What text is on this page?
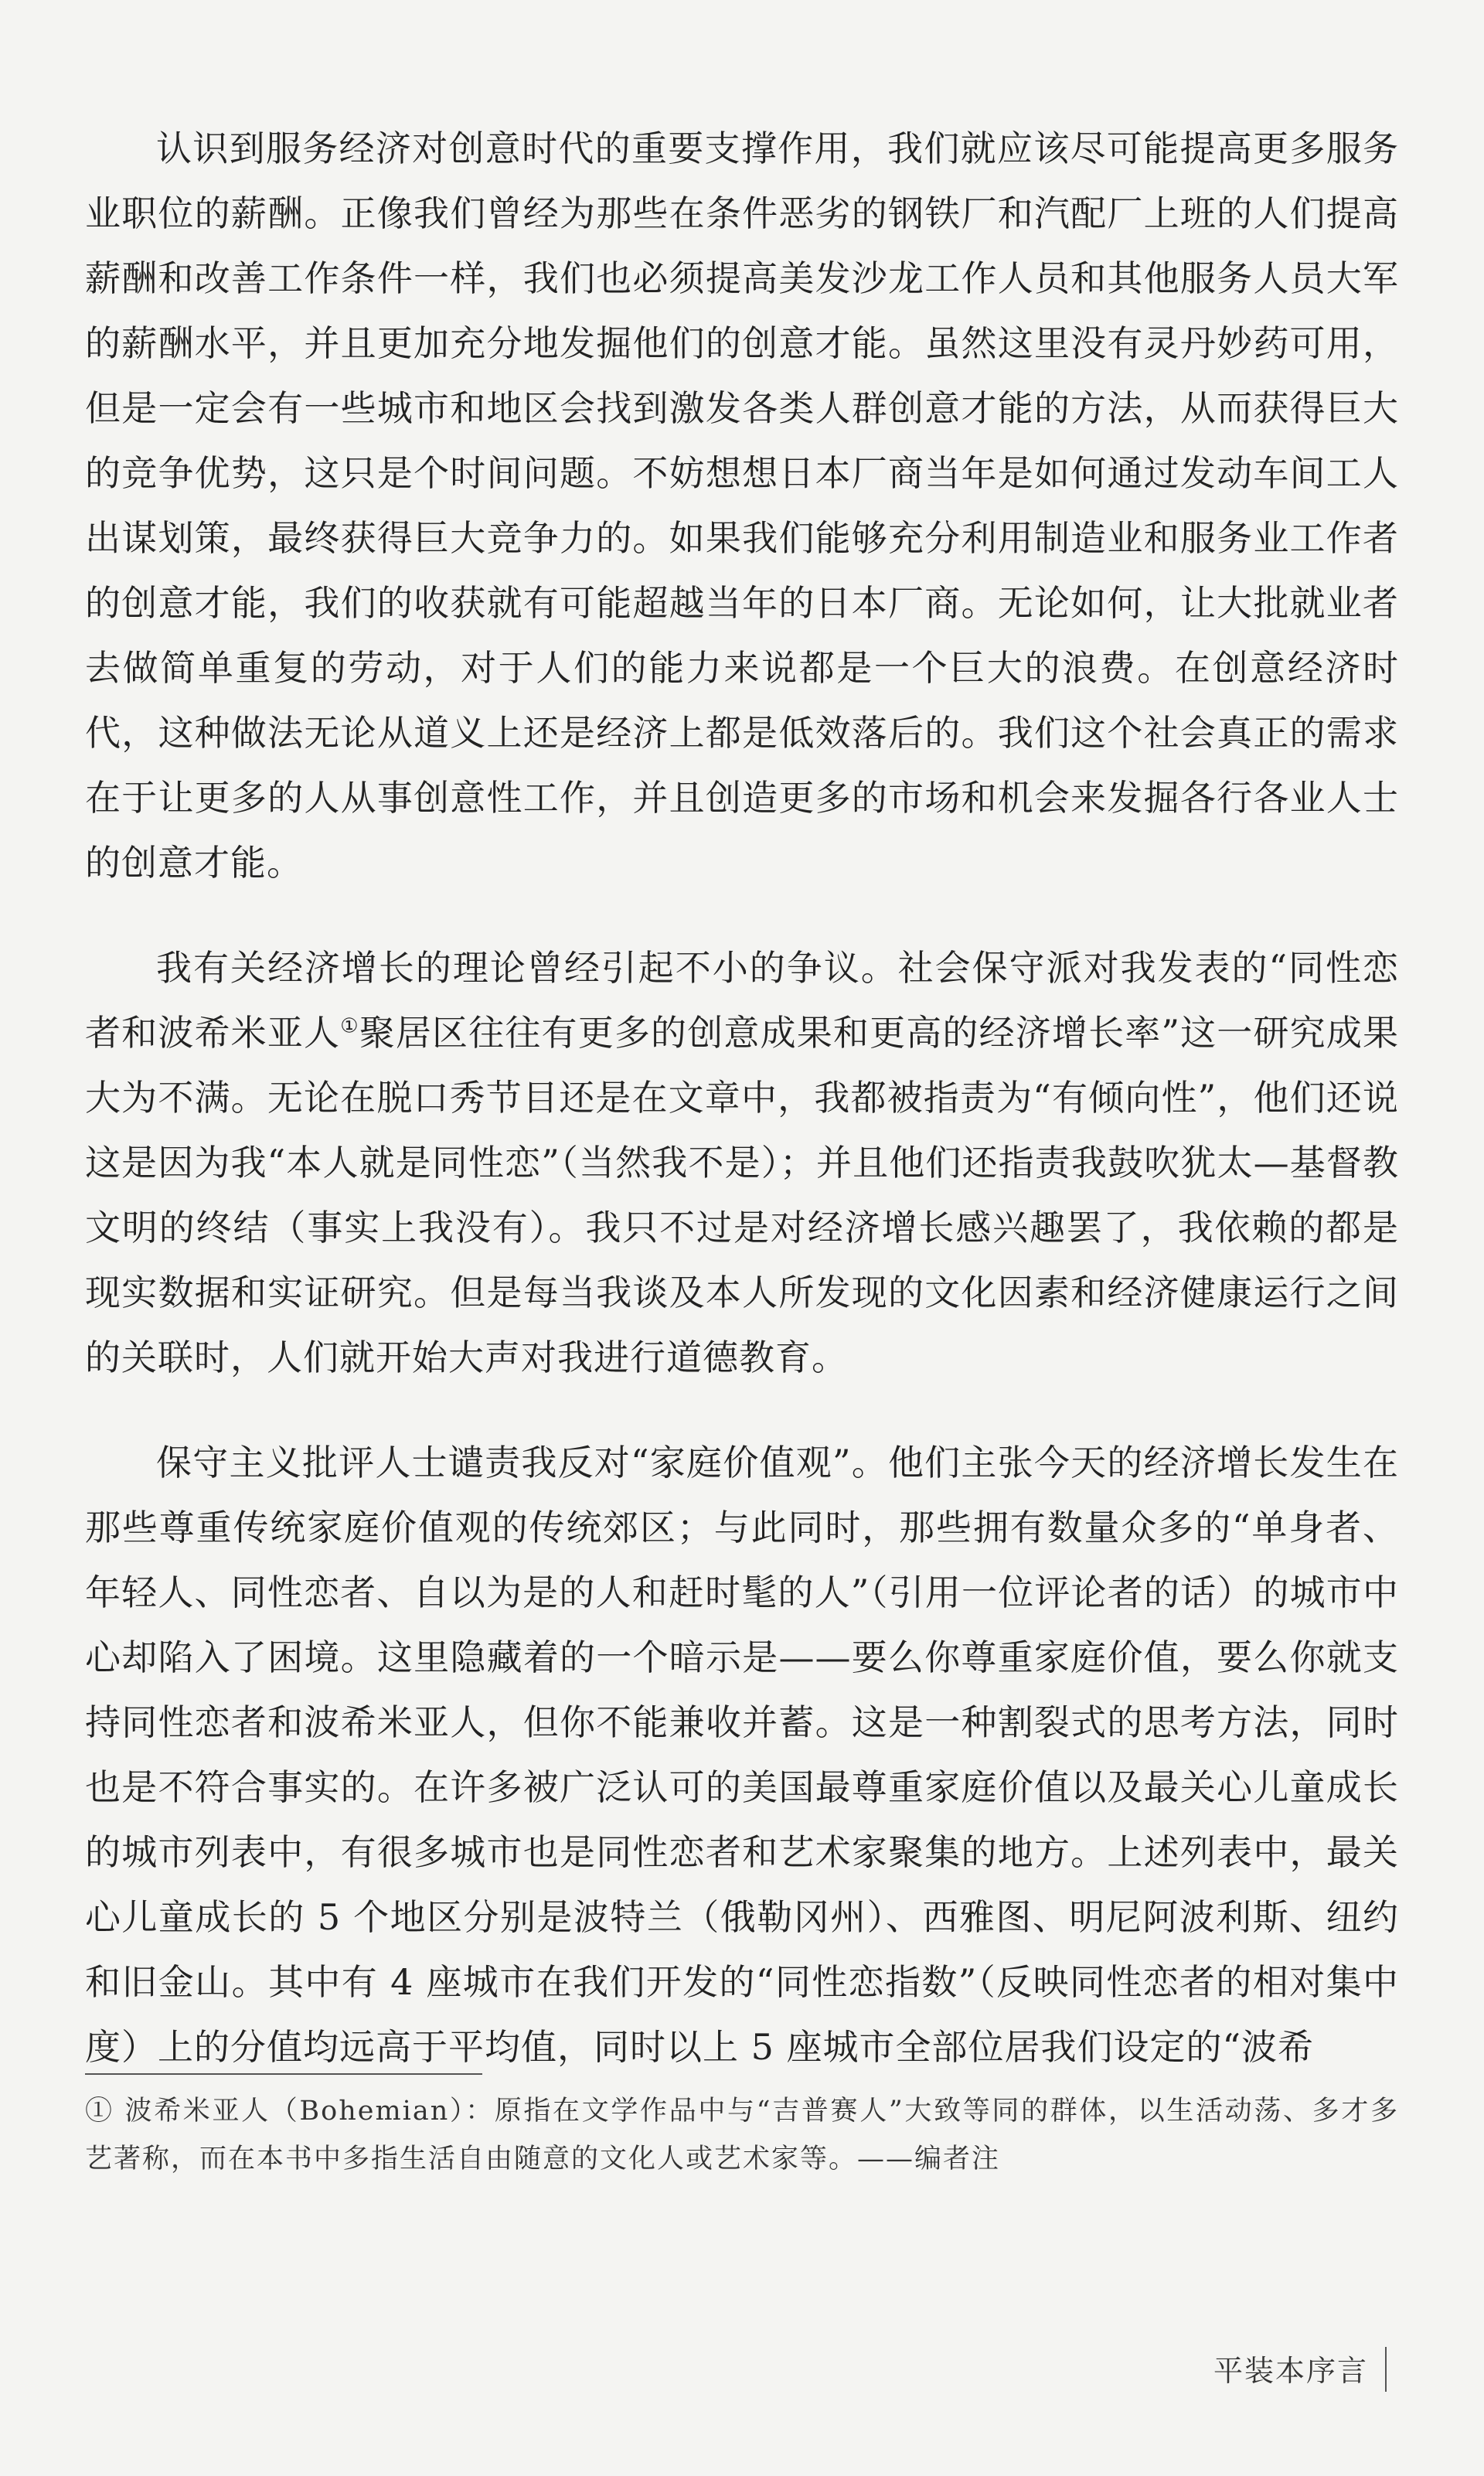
认识到服务经济对创意时代的重要支撑作用，我们就应该尽可能提高更多服务业职位的薪酬。正像我们曾经为那些在条件恶劣的钢铁厂和汽配厂上班的人们提高薪酬和改善工作条件一样，我们也必须提高美发沙龙工作人员和其他服务人员大军的薪酬水平，并且更加充分地发掘他们的创意才能。虽然这里没有灵丹妙药可用，但是一定会有一些城市和地区会找到激发各类人群创意才能的方法，从而获得巨大的竞争优势，这只是个时间问题。不妨想想日本厂商当年是如何通过发动车间工人出谋划策，最终获得巨大竞争力的。如果我们能够充分利用制造业和服务业工作者的创意才能，我们的收获就有可能超越当年的日本厂商。无论如何，让大批就业者去做简单重复的劳动，对于人们的能力来说都是一个巨大的浪费。在创意经济时代，这种做法无论从道义上还是经济上都是低效落后的。我们这个社会真正的需求在于让更多的人从事创意性工作，并且创造更多的市场和机会来发掘各行各业人士的创意才能。

我有关经济增长的理论曾经引起不小的争议。社会保守派对我发表的“同性恋者和波希米亚人①聚居区往往有更多的创意成果和更高的经济增长率”这一研究成果大为不满。无论在脱口秀节目还是在文章中，我都被指责为“有倾向性”，他们还说这是因为我“本人就是同性恋”（当然我不是）；并且他们还指责我鼓吹犹太—基督教文明的终结（事实上我没有）。我只不过是对经济增长感兴趣罢了，我依赖的都是现实数据和实证研究。但是每当我谈及本人所发现的文化因素和经济健康运行之间的关联时，人们就开始大声对我进行道德教育。

保守主义批评人士谴责我反对“家庭价值观”。他们主张今天的经济增长发生在那些尊重传统家庭价值观的传统郊区；与此同时，那些拥有数量众多的“单身者、年轻人、同性恋者、自以为是的人和赶时髦的人”（引用一位评论者的话）的城市中心却陷入了困境。这里隐藏着的一个暗示是——要么你尊重家庭价值，要么你就支持同性恋者和波希米亚人，但你不能兼收并蓄。这是一种割裂式的思考方法，同时也是不符合事实的。在许多被广泛认可的美国最尊重家庭价值以及最关心儿童成长的城市列表中，有很多城市也是同性恋者和艺术家聚集的地方。上述列表中，最关心儿童成长的 5 个地区分别是波特兰（俄勒冈州）、西雅图、明尼阿波利斯、纽约和旧金山。其中有 4 座城市在我们开发的“同性恋指数”（反映同性恋者的相对集中度）上的分值均远高于平均值，同时以上 5 座城市全部位居我们设定的“波希

① 波希米亚人（Bohemian）：原指在文学作品中与“吉普赛人”大致等同的群体，以生活动荡、多才多艺著称，而在本书中多指生活自由随意的文化人或艺术家等。——编者注
平装本序言
